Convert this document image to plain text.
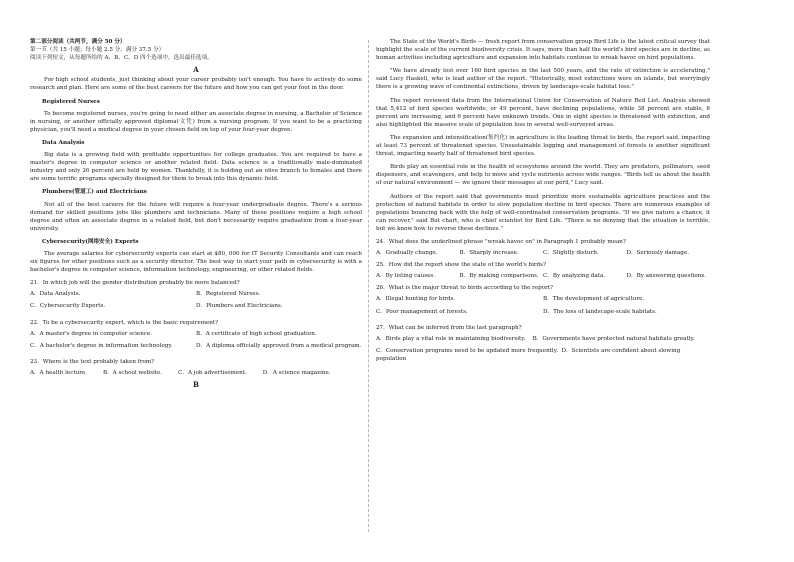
第二部分阅读（共两节，满分 50 分）

第一节（共 15 小题；每小题 2.5 分，满分 37.5 分）

阅读下列短文，从每题所给的 A、B、C、D 四个选项中，选出最佳选项。

A

For high school students, just thinking about your career probably isn't enough. You have to actively do some research and plan. Here are some of the best careers for the future and how you can get your foot in the door.

Registered Nurses

To become registered nurses, you're going to need either an associate degree in nursing, a Bachelor of Science in nursing, or another officially approved diploma(文凭) from a nursing program. If you want to be a practicing physician, you'll need a medical degree in your chosen field on top of your four-year degree.

Data Analysis

Big data is a growing field with profitable opportunities for college graduates. You are required to have a master's degree in computer science or another related field. Data science is a traditionally male-dominated industry and only 26 percent are held by women. Thankfully, it is holding out an olive branch to females and there are some terrific programs specially designed for them to break into this dynamic field.

Plumbers(管道工) and Electricians

Not all of the best careers for the future will require a four-year undergraduate degree. There's a serious demand for skilled positions jobs like plumbers and technicians. Many of these positions require a high school degree and often an associate degree in a related field, but don't necessarily require graduation from a four-year university.

Cybersecurity(网络安全) Experts

The average salaries for cybersecurity experts can start at $80, 000 for IT Security Consultants and can reach six figures for other positions such as a security director. The best way to start your path in cybersecurity is with a bachelor's degree in computer science, information technology, engineering, or other related fields.

21．In which job will the gender distribution probably be more balanced?

A．Data Analysts.	B．Registered Nurses.
C．Cybersecurity Experts.	D．Plumbers and Electricians.

22．To be a cybersecurity expert, which is the basic requirement?

A．A master's degree in computer science.	B．A certificate of high school graduation.
C．A bachelor's degree in information technology.	D．A diploma officially approved from a medical program.

23．Where is the text probably taken from?

A．A health lecture.	B．A school website.	C．A job advertisement.	D．A science magazine.
B

The State of the World's Birds — fresh report from conservation group Bird Life is the latest critical survey that highlight the scale of the current biodiversity crisis. It says, more than half the world's bird species are in decline, as human activities including agriculture and expansion into habitats continue to wreak havoc on bird populations.

"We have already lost over 160 bird species in the last 500 years, and the rate of extinction is accelerating," said Lucy Haskell, who is lead author of the report. "Historically, most extinctions were on islands, but worryingly there is a growing wave of continental extinctions, driven by landscape-scale habitat loss."

The report reviewed data from the International Union for Conservation of Nature Red List. Analysis showed that 5,412 of bird species worldwide, or 49 percent, have declining populations, while 38 percent are stable, 6 percent are increasing, and 6 percent have unknown trends. One in eight species is threatened with extinction, and also highlighted the massive scale of population loss in several well-surveyed areas.

The expansion and intensification(集约化) in agriculture is the leading threat to birds, the report said, impacting at least 73 percent of threatened species. Unsustainable logging and management of forests is another significant threat, impacting nearly half of threatened bird species.

Birds play an essential role in the health of ecosystems around the world. They are predators, pollinators, seed dispensers, and scavengers, and help to move and cycle nutrients across wide ranges. "Birds tell us about the health of our natural environment — we ignore their messages at our peril," Lucy said.

Authors of the report said that governments must prioritize more sustainable agriculture practices and the protection of natural habitats in order to slow population decline in bird species. There are numerous examples of populations bouncing back with the help of well-coordinated conservation programs. "If we give nature a chance, it can recover," said But chart, who is chief scientist for Bird Life. "There is no denying that the situation is terrible, but we know how to reverse these declines."

24．What does the underlined phrase "wreak havoc on" in Paragraph 1 probably mean?

A．Gradually change.	B．Sharply increase.	C．Slightly disturb.	D．Seriously damage.

25．How did the report show the state of the world's birds?

A．By listing causes.	B．By making comparisons. C．By analyzing data.	D．By answering questions.

26．What is the major threat to birds according to the report?

A．Illegal hunting for birds.	B．The development of agriculture.
C．Poor management of forests.	D．The loss of landscape-scale habitats.

27．What can be inferred from the last paragraph?

A．Birds play a vital role in maintaining biodiversity. B．Governments have protected natural habitats greatly.
C．Conservation programs need to be updated more frequently. D．Scientists are confident about slowing population
